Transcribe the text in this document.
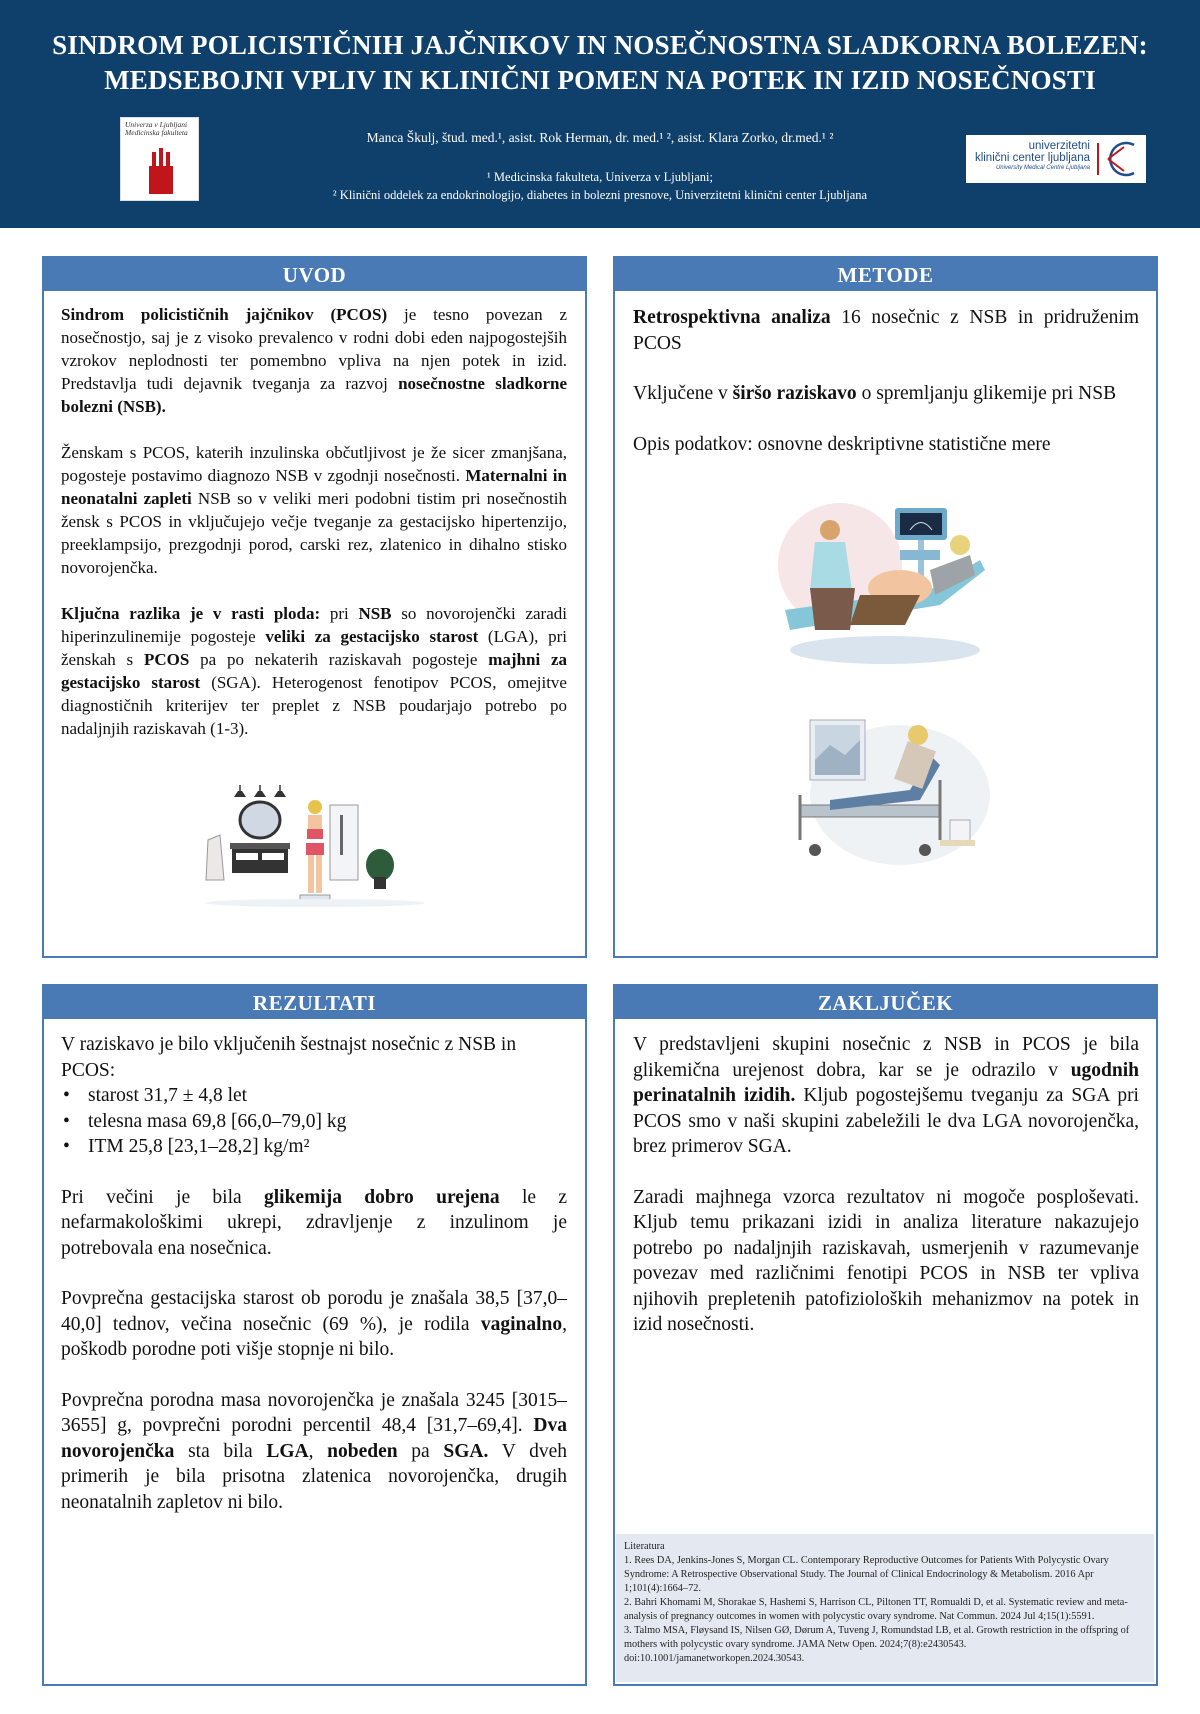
SINDROM POLICISTIČNIH JAJČNIKOV IN NOSEČNOSTNA SLADKORNA BOLEZEN:
MEDSEBOJNI VPLIV IN KLINIČNI POMEN NA POTEK IN IZID NOSEČNOSTI
Univerza v Ljubljani
Medicinska fakulteta	Manca Škulj, štud. med.¹, asist. Rok Herman, dr. med.¹ ², asist. Klara Zorko, dr.med.¹ ²
¹ Medicinska fakulteta, Univerza v Ljubljani;
² Klinični oddelek za endokrinologijo, diabetes in bolezni presnove, Univerzitetni klinični center Ljubljana
univerzitetni
klinični center ljubljana
University Medical Centre Ljubljana
UVOD

Sindrom policističnih jajčnikov (PCOS) je tesno povezan z nosečnostjo, saj je z visoko prevalenco v rodni dobi eden najpogostejših vzrokov neplodnosti ter pomembno vpliva na njen potek in izid. Predstavlja tudi dejavnik tveganja za razvoj nosečnostne sladkorne bolezni (NSB).

Ženskam s PCOS, katerih inzulinska občutljivost je že sicer zmanjšana, pogosteje postavimo diagnozo NSB v zgodnji nosečnosti. Maternalni in neonatalni zapleti NSB so v veliki meri podobni tistim pri nosečnostih žensk s PCOS in vključujejo večje tveganje za gestacijsko hipertenzijo, preeklampsijo, prezgodnji porod, carski rez, zlatenico in dihalno stisko novorojenčka.

Ključna razlika je v rasti ploda: pri NSB so novorojenčki zaradi hiperinzulinemije pogosteje veliki za gestacijsko starost (LGA), pri ženskah s PCOS pa po nekaterih raziskavah pogosteje majhni za gestacijsko starost (SGA). Heterogenost fenotipov PCOS, omejitve diagnostičnih kriterijev ter preplet z NSB poudarjajo potrebo po nadaljnjih raziskavah (1-3).

METODE

Retrospektivna analiza 16 nosečnic z NSB in pridruženim PCOS

Vključene v širšo raziskavo o spremljanju glikemije pri NSB

Opis podatkov: osnovne deskriptivne statistične mere

REZULTATI

V raziskavo je bilo vključenih šestnajst nosečnic z NSB in PCOS:

• starost 31,7 ± 4,8 let
• telesna masa 69,8 [66,0–79,0] kg
• ITM 25,8 [23,1–28,2] kg/m²

Pri večini je bila glikemija dobro urejena le z nefarmakološkimi ukrepi, zdravljenje z inzulinom je potrebovala ena nosečnica.

Povprečna gestacijska starost ob porodu je znašala 38,5 [37,0–40,0] tednov, večina nosečnic (69 %), je rodila vaginalno, poškodb porodne poti višje stopnje ni bilo.

Povprečna porodna masa novorojenčka je znašala 3245 [3015–3655] g, povprečni porodni percentil 48,4 [31,7–69,4]. Dva novorojenčka sta bila LGA, nobeden pa SGA. V dveh primerih je bila prisotna zlatenica novorojenčka, drugih neonatalnih zapletov ni bilo.

ZAKLJUČEK

V predstavljeni skupini nosečnic z NSB in PCOS je bila glikemična urejenost dobra, kar se je odrazilo v ugodnih perinatalnih izidih. Kljub pogostejšemu tveganju za SGA pri PCOS smo v naši skupini zabeležili le dva LGA novorojenčka, brez primerov SGA.

Zaradi majhnega vzorca rezultatov ni mogoče posploševati. Kljub temu prikazani izidi in analiza literature nakazujejo potrebo po nadaljnjih raziskavah, usmerjenih v razumevanje povezav med različnimi fenotipi PCOS in NSB ter vpliva njihovih prepletenih patofizioloških mehanizmov na potek in izid nosečnosti.

Literatura
1. Rees DA, Jenkins-Jones S, Morgan CL. Contemporary Reproductive Outcomes for Patients With Polycystic Ovary Syndrome: A Retrospective Observational Study. The Journal of Clinical Endocrinology & Metabolism. 2016 Apr 1;101(4):1664–72.
2. Bahri Khomami M, Shorakae S, Hashemi S, Harrison CL, Piltonen TT, Romualdi D, et al. Systematic review and meta-analysis of pregnancy outcomes in women with polycystic ovary syndrome. Nat Commun. 2024 Jul 4;15(1):5591.
3. Talmo MSA, Fløysand IS, Nilsen GØ, Dørum A, Tuveng J, Romundstad LB, et al. Growth restriction in the offspring of mothers with polycystic ovary syndrome. JAMA Netw Open. 2024;7(8):e2430543. doi:10.1001/jamanetworkopen.2024.30543.
